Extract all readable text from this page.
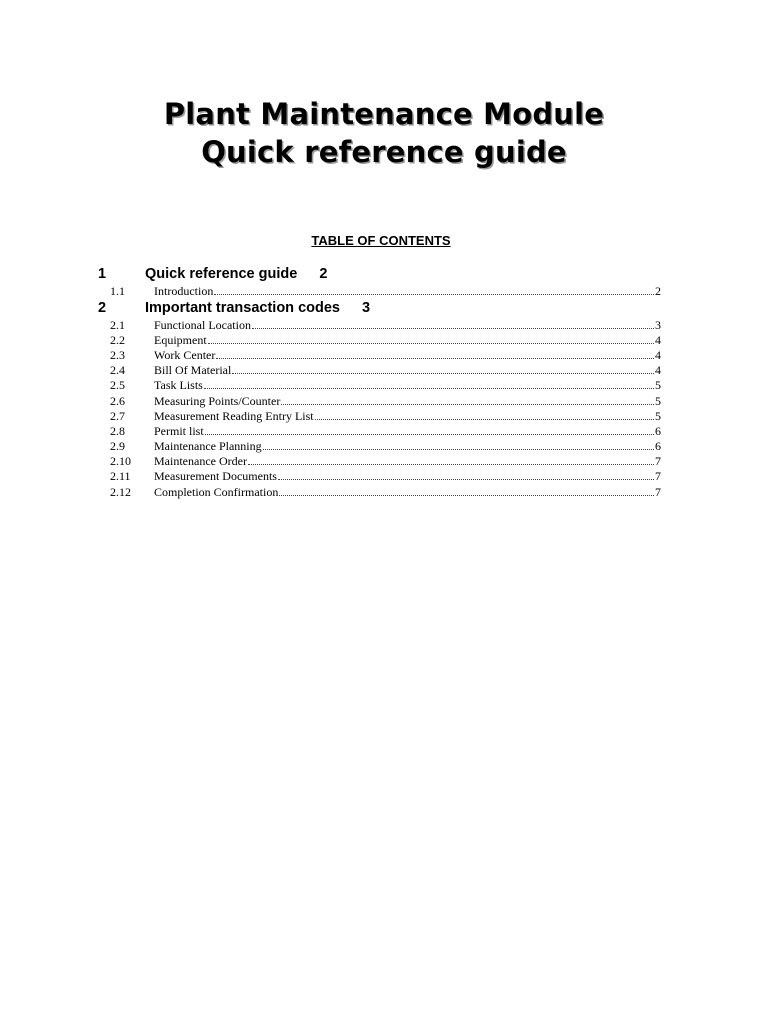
Plant Maintenance Module
Quick reference guide
TABLE OF CONTENTS
1	Quick reference guide 2
1.1 Introduction	2
2	Important transaction codes 3
2.1 Functional Location	3
2.2 Equipment	4
2.3 Work Center	4
2.4 Bill Of Material	4
2.5 Task Lists	5
2.6 Measuring Points/Counter	5
2.7 Measurement Reading Entry List	5
2.8 Permit list	6
2.9 Maintenance Planning	6
2.10 Maintenance Order	7
2.11 Measurement Documents	7
2.12 Completion Confirmation	7
